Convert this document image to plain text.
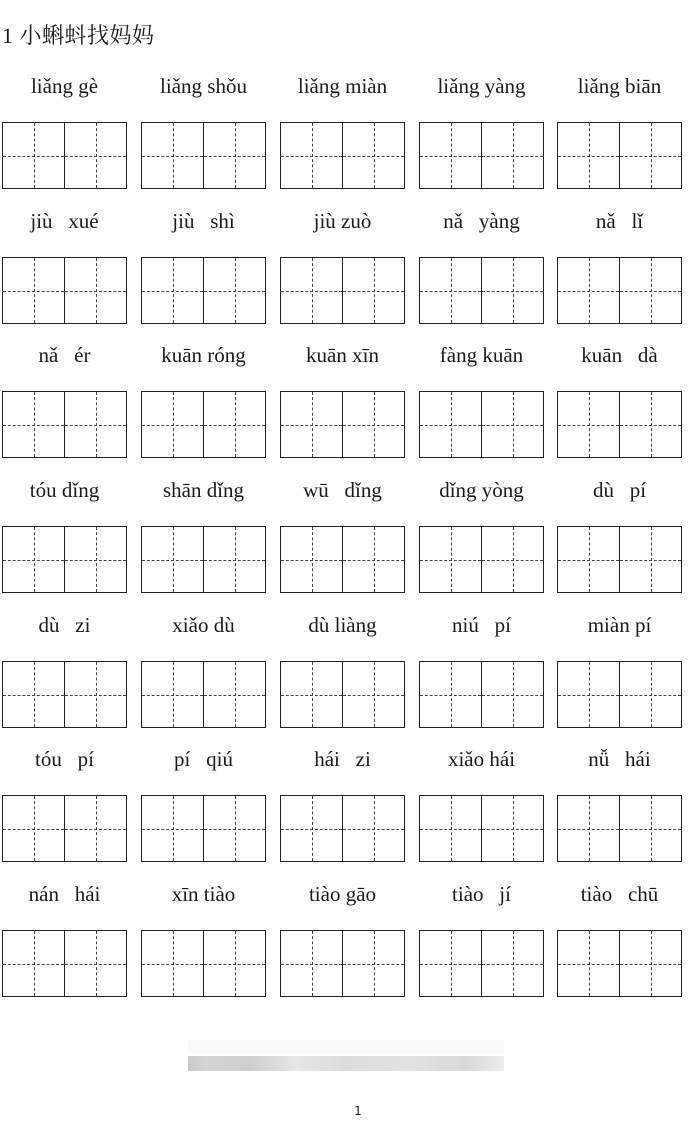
1 小蝌蚪找妈妈
liǎng gè	liǎng shǒu	liǎng miàn	liǎng yàng	liǎng biān
jiù   xué	jiù   shì	jiù zuò	nǎ   yàng	nǎ   lǐ
nǎ   ér	kuān róng	kuān xīn	fàng kuān	kuān   dà
tóu dǐng	shān dǐng	wū   dǐng	dǐng yòng	dù   pí
dù   zi	xiǎo dù	dù liàng	niú   pí	miàn pí
tóu   pí	pí   qiú	hái   zi	xiǎo hái	nǚ   hái
nán   hái	xīn tiào	tiào gāo	tiào   jí	tiào   chū
1
